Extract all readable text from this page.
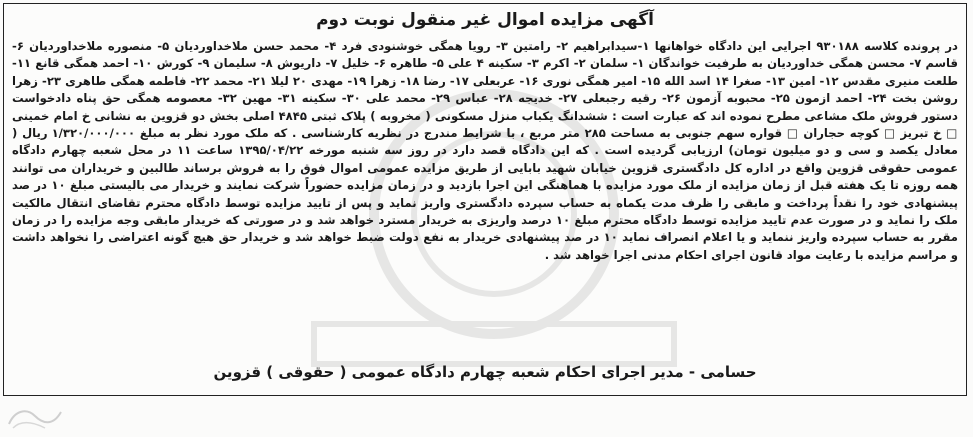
آگهی مزایده اموال غیر منقول نوبت دوم

در پرونده کلاسه ۹۳۰۱۸۸ اجرایی این دادگاه خواهانها ۱-سیدابراهیم ۲- رامتین ۳- رویا همگی خوشنودی فرد ۴- محمد حسن ملاخداوردیان ۵- منصوره ملاخداوردیان ۶- قاسم ۷- محسن همگی خداوردیان به طرفیت خواندگان ۱- سلمان ۲- اکرم ۳- سکینه ۴ علی ۵- طاهره ۶- خلیل ۷- داریوش ۸- سلیمان ۹- کورش ۱۰- احمد همگی قانع ۱۱- طلعت منیری مقدس ۱۲- امین ۱۳- صغرا ۱۴ اسد الله ۱۵- امیر همگی نوری ۱۶- عربعلی ۱۷- رضا ۱۸- زهرا ۱۹- مهدی ۲۰ لیلا ۲۱- محمد ۲۲- فاطمه همگی طاهری ۲۳- زهرا روشن بخت ۲۴- احمد ازمون ۲۵- محبوبه آزمون ۲۶- رقیه رجبعلی ۲۷- خدیجه ۲۸- عباس ۲۹- محمد علی ۳۰- سکینه ۳۱- مهین ۳۲- معصومه همگی حق پناه دادخواست دستور فروش ملک مشاعی مطرح نموده اند که عبارت است : ششدانگ یکباب منزل مسکونی ( مخروبه ) پلاک ثبتی ۴۸۴۵ اصلی بخش دو قزوین به نشانی خ امام خمینی □ خ تبریز □ کوچه حجاران □ قواره سهم جنوبی به مساحت ۲۸۵ متر مربع ، با شرایط مندرج در نظریه کارشناسی . که ملک مورد نظر به مبلغ ۱/۳۲۰/۰۰۰/۰۰۰ ریال ( معادل یکصد و سی و دو میلیون تومان) ارزیابی گردیده است . که این دادگاه قصد دارد در روز سه شنبه مورخه ۱۳۹۵/۰۴/۲۲ ساعت ۱۱ در محل شعبه چهارم دادگاه عمومی حقوقی قزوین واقع در اداره کل دادگستری قزوین خیابان شهید بابایی از طریق مزایده عمومی اموال فوق را به فروش برساند طالبین و خریداران می توانند همه روزه تا یک هفته قبل از زمان مزایده از ملک مورد مزایده با هماهنگی این اجرا بازدید و در زمان مزایده حضوراً شرکت نمایند و خریدار می بالیستی مبلغ ۱۰ در صد پیشنهادی خود را نقداً پرداخت و مابقی را ظرف مدت یکماه به حساب سپرده دادگستری واریز نماید و پس از تایید مزایده توسط دادگاه محترم تقاضای انتقال مالکیت ملک را نماید و در صورت عدم تایید مزایده توسط دادگاه محترم مبلغ ۱۰ درصد واریزی به خریدار مسترد خواهد شد و در صورتی که خریدار مابقی وجه مزایده را در زمان مقرر به حساب سپرده واریز ننماید و یا اعلام انصراف نماید ۱۰ در صد پیشنهادی خریدار به نفع دولت ضبط خواهد شد و خریدار حق هیچ گونه اعتراضی را نخواهد داشت و مراسم مزایده با رعایت مواد قانون اجرای احکام مدنی اجرا خواهد شد .

حسامی - مدیر اجرای احکام شعبه چهارم دادگاه عمومی ( حقوقی ) قزوین
